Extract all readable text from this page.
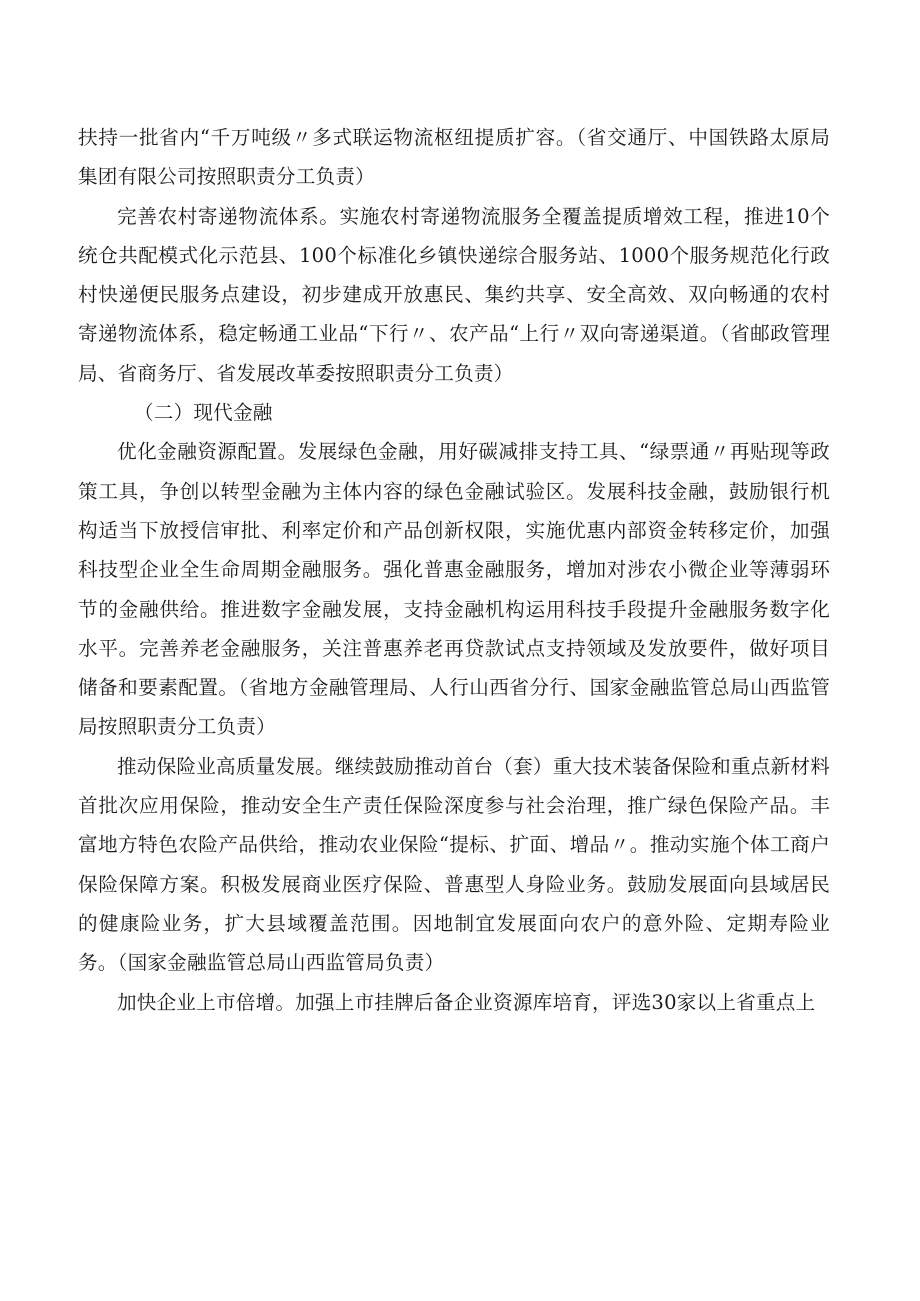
扶持一批省内“千万吨级〃多式联运物流枢纽提质扩容。（省交通厅、中国铁路太原局集团有限公司按照职责分工负责）

完善农村寄递物流体系。实施农村寄递物流服务全覆盖提质增效工程，推进10个统仓共配模式化示范县、100个标准化乡镇快递综合服务站、1000个服务规范化行政村快递便民服务点建设，初步建成开放惠民、集约共享、安全高效、双向畅通的农村寄递物流体系，稳定畅通工业品“下行〃、农产品“上行〃双向寄递渠道。（省邮政管理局、省商务厅、省发展改革委按照职责分工负责）

（二）现代金融

优化金融资源配置。发展绿色金融，用好碳减排支持工具、“绿票通〃再贴现等政策工具，争创以转型金融为主体内容的绿色金融试验区。发展科技金融，鼓励银行机构适当下放授信审批、利率定价和产品创新权限，实施优惠内部资金转移定价，加强科技型企业全生命周期金融服务。强化普惠金融服务，增加对涉农小微企业等薄弱环节的金融供给。推进数字金融发展，支持金融机构运用科技手段提升金融服务数字化水平。完善养老金融服务，关注普惠养老再贷款试点支持领域及发放要件，做好项目储备和要素配置。（省地方金融管理局、人行山西省分行、国家金融监管总局山西监管局按照职责分工负责）

推动保险业高质量发展。继续鼓励推动首台（套）重大技术装备保险和重点新材料首批次应用保险，推动安全生产责任保险深度参与社会治理，推广绿色保险产品。丰富地方特色农险产品供给，推动农业保险“提标、扩面、增品〃。推动实施个体工商户保险保障方案。积极发展商业医疗保险、普惠型人身险业务。鼓励发展面向县域居民的健康险业务，扩大县域覆盖范围。因地制宜发展面向农户的意外险、定期寿险业务。（国家金融监管总局山西监管局负责）

加快企业上市倍增。加强上市挂牌后备企业资源库培育，评选30家以上省重点上
